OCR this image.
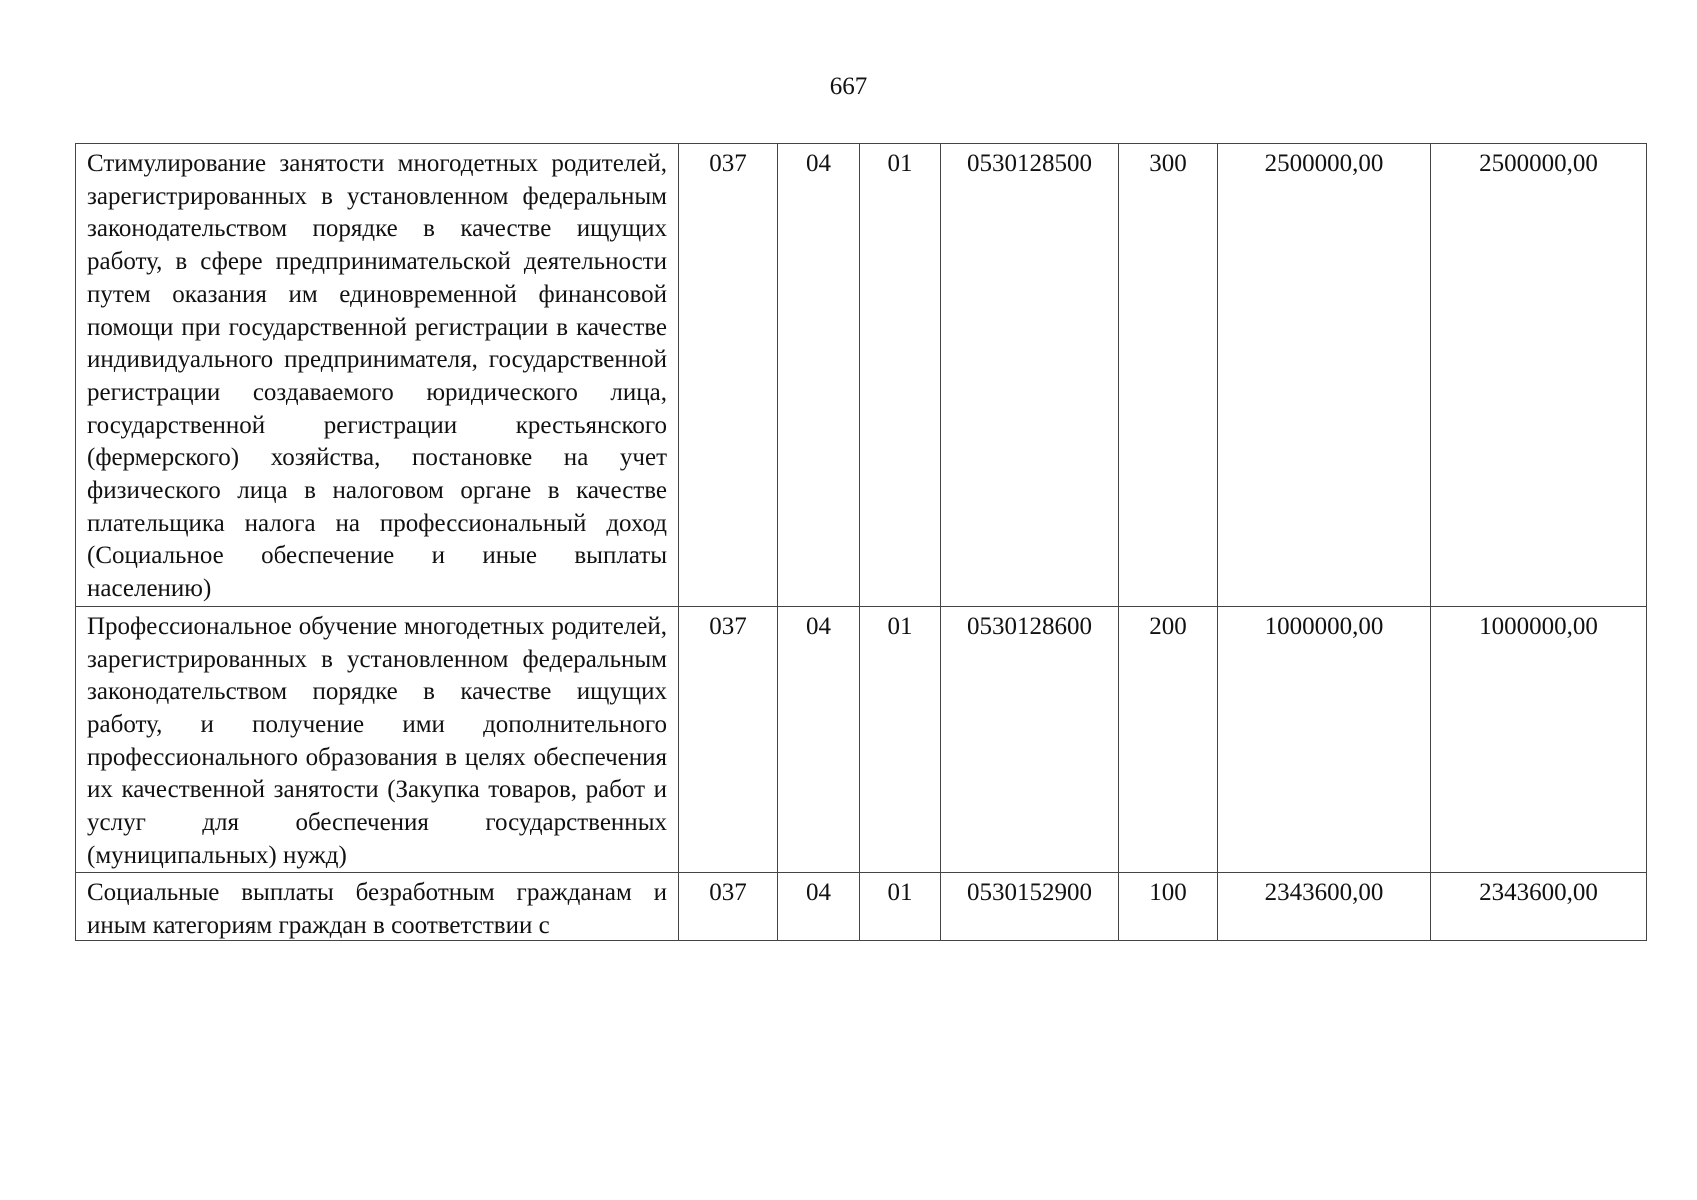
667
Стимулирование занятости многодетных родителей, зарегистрированных в установленном федеральным законодательством порядке в качестве ищущих работу, в сфере предпринимательской деятельности путем оказания им единовременной финансовой помощи при государственной регистрации в качестве индивидуального предпринимателя, государственной регистрации создаваемого юридического лица, государственной регистрации крестьянского (фермерского) хозяйства, постановке на учет физического лица в налоговом органе в качестве плательщика налога на профессиональный доход (Социальное обеспечение и иные выплаты населению)	037	04	01	0530128500	300	2500000,00	2500000,00
Профессиональное обучение многодетных родителей, зарегистрированных в установленном федеральным законодательством порядке в качестве ищущих работу, и получение ими дополнительного профессионального образования в целях обеспечения их качественной занятости (Закупка товаров, работ и услуг для обеспечения государственных (муниципальных) нужд)	037	04	01	0530128600	200	1000000,00	1000000,00

Социальные выплаты безработным гражданам и иным категориям граждан в соответствии с	037	04	01	0530152900	100	2343600,00	2343600,00
